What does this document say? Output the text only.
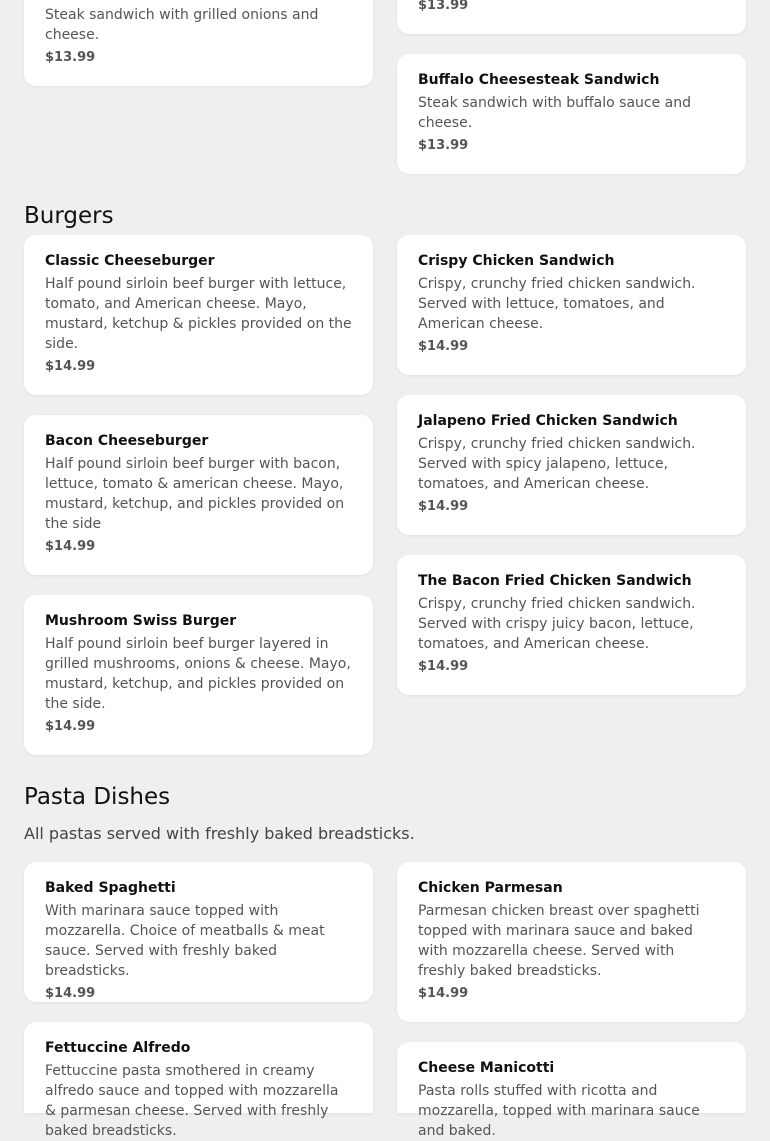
Steak sandwich with grilled onions and cheese.

$13.99
$13.99
Buffalo Cheesesteak Sandwich

Steak sandwich with buffalo sauce and cheese.

$13.99
Burgers
Classic Cheeseburger

Half pound sirloin beef burger with lettuce, tomato, and American cheese. Mayo, mustard, ketchup & pickles provided on the side.

$14.99
Crispy Chicken Sandwich

Crispy, crunchy fried chicken sandwich. Served with lettuce, tomatoes, and American cheese.

$14.99
Bacon Cheeseburger

Half pound sirloin beef burger with bacon, lettuce, tomato & american cheese. Mayo, mustard, ketchup, and pickles provided on the side

$14.99
Jalapeno Fried Chicken Sandwich

Crispy, crunchy fried chicken sandwich. Served with spicy jalapeno, lettuce, tomatoes, and American cheese.

$14.99
Mushroom Swiss Burger

Half pound sirloin beef burger layered in grilled mushrooms, onions & cheese. Mayo, mustard, ketchup, and pickles provided on the side.

$14.99
The Bacon Fried Chicken Sandwich

Crispy, crunchy fried chicken sandwich. Served with crispy juicy bacon, lettuce, tomatoes, and American cheese.

$14.99
Pasta Dishes

All pastas served with freshly baked breadsticks.

Baked Spaghetti

With marinara sauce topped with mozzarella. Choice of meatballs & meat sauce. Served with freshly baked breadsticks.

$14.99
Chicken Parmesan

Parmesan chicken breast over spaghetti topped with marinara sauce and baked with mozzarella cheese. Served with freshly baked breadsticks.

$14.99
Fettuccine Alfredo

Fettuccine pasta smothered in creamy alfredo sauce and topped with mozzarella & parmesan cheese. Served with freshly baked breadsticks.

Cheese Manicotti

Pasta rolls stuffed with ricotta and mozzarella, topped with marinara sauce and baked.
